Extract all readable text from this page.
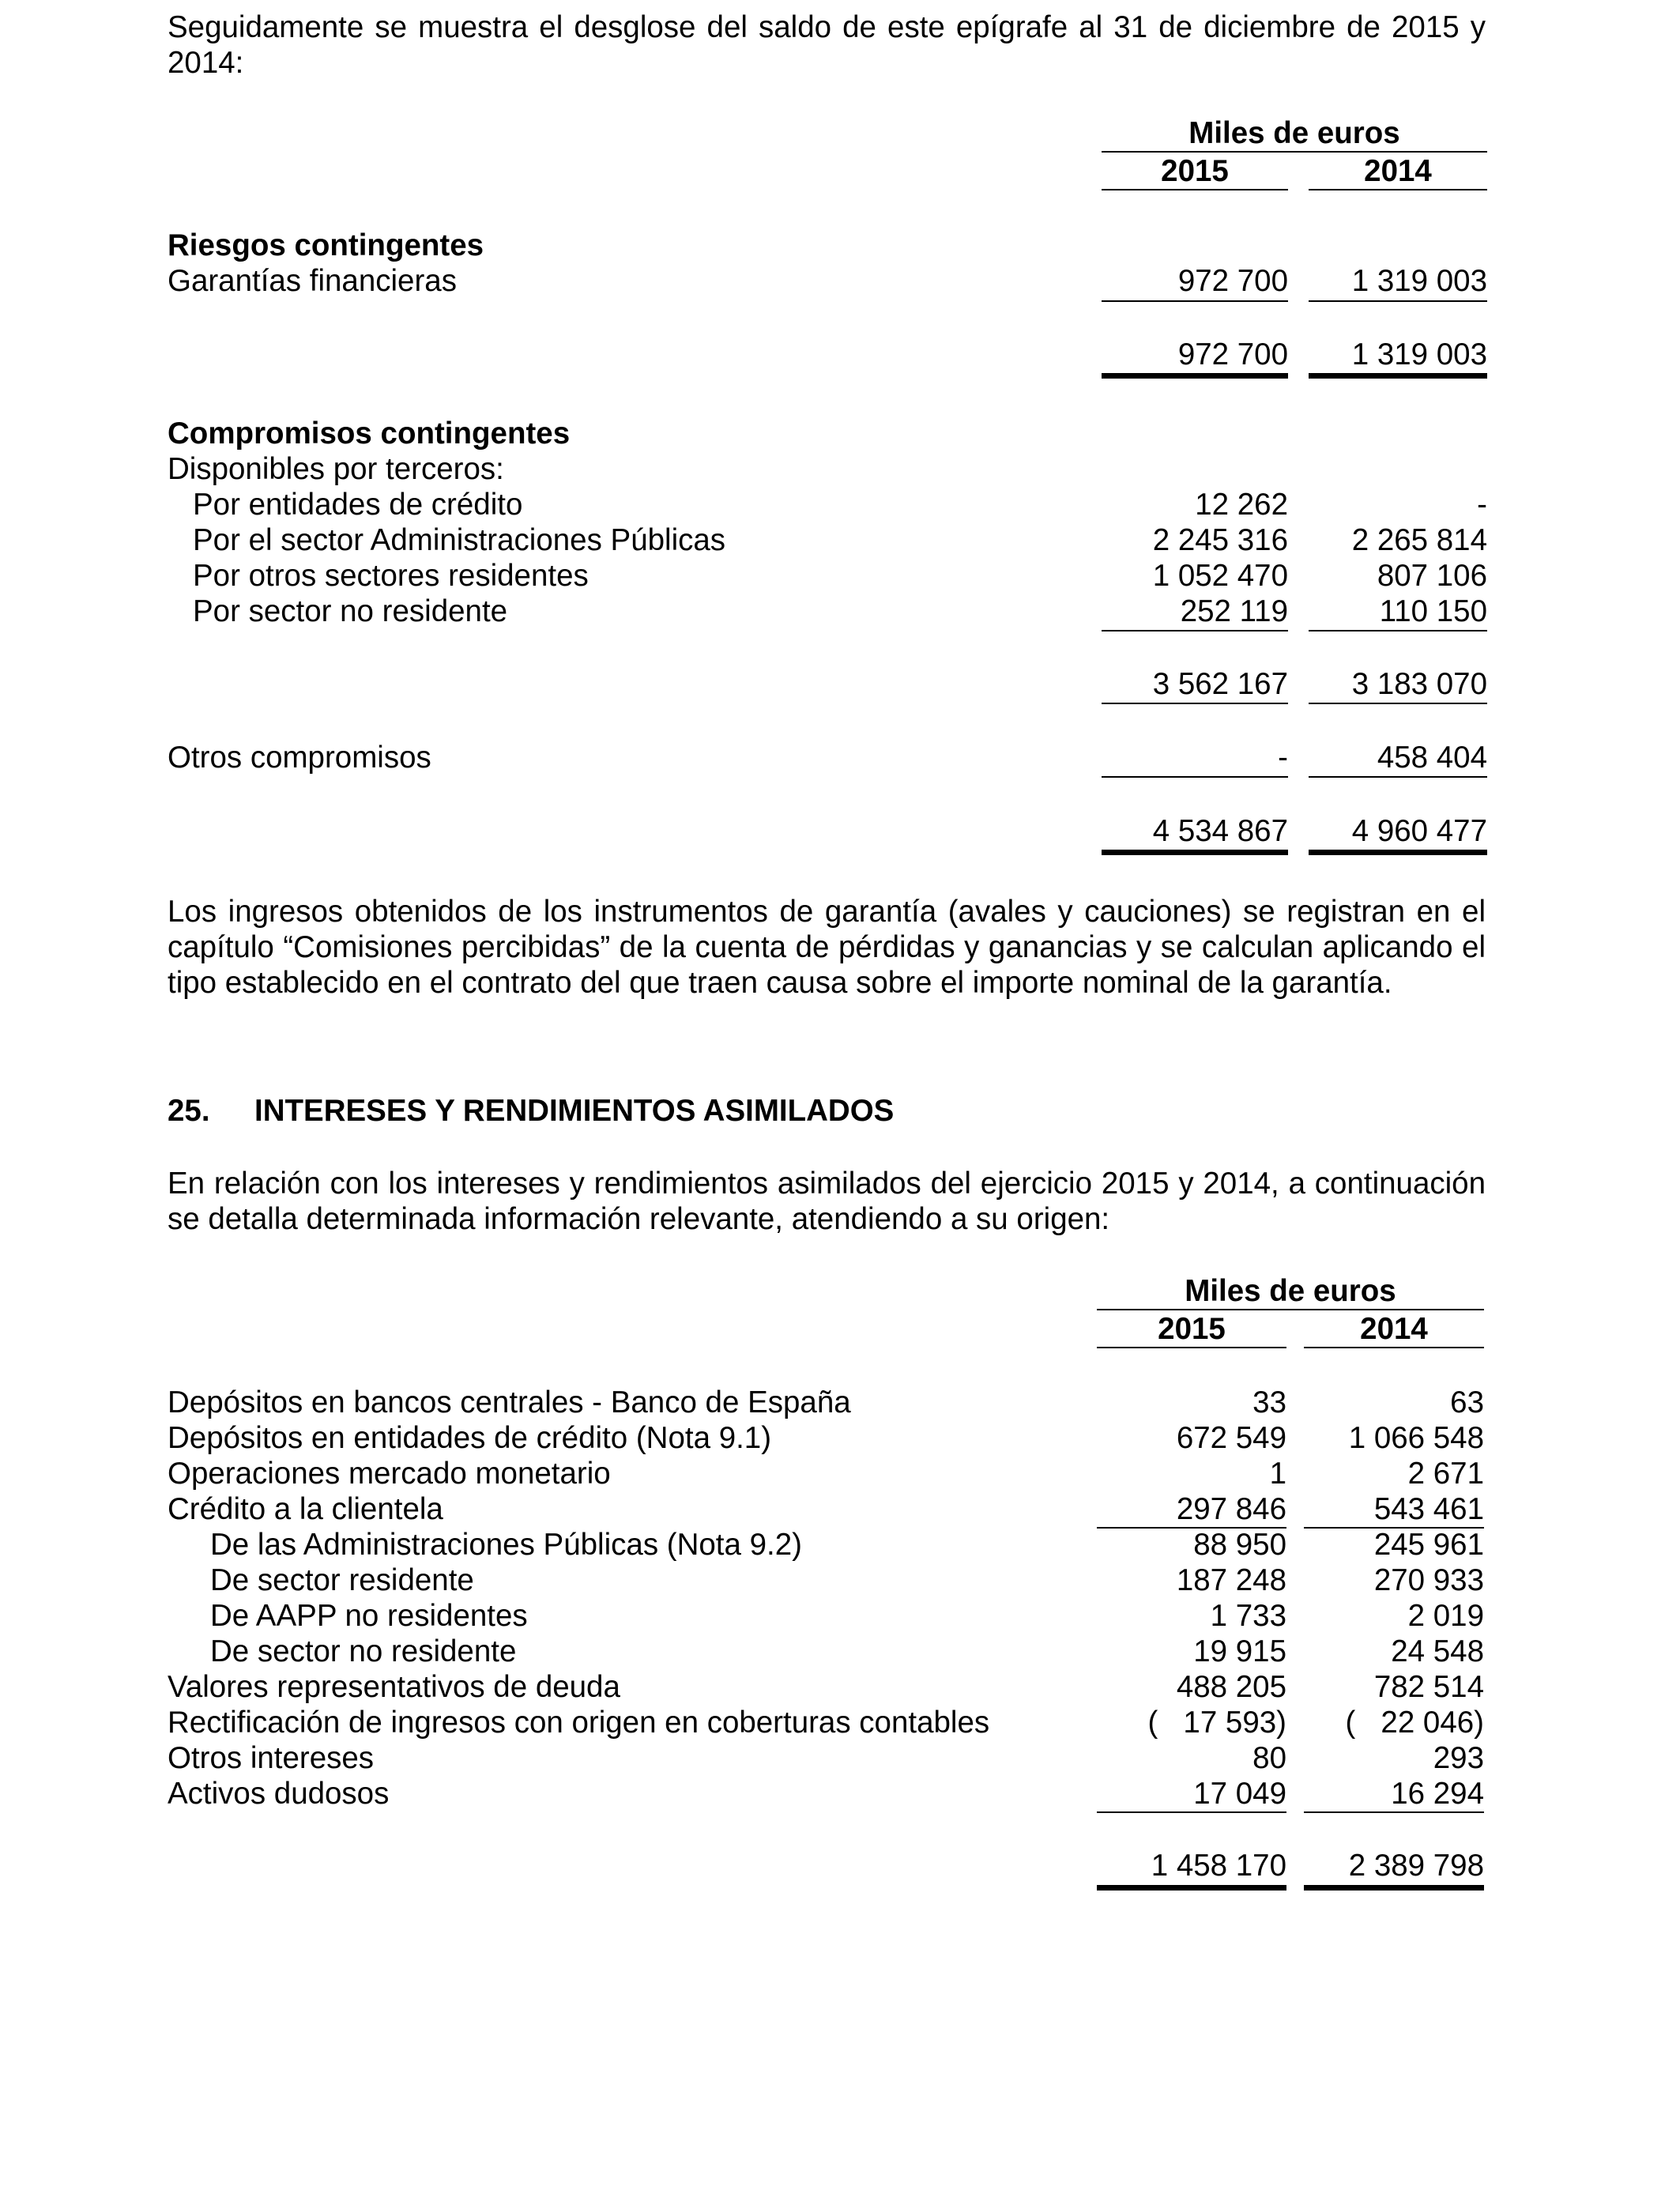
Seguidamente se muestra el desglose del saldo de este epígrafe al 31 de diciembre de 2015 y 2014:

Miles de euros
2015	2014
Riesgos contingentes
Garantías financieras	972 700	1 319 003
972 700	1 319 003
Compromisos contingentes
Disponibles por terceros:
Por entidades de crédito	12 262	-
Por el sector Administraciones Públicas	2 245 316	2 265 814
Por otros sectores residentes	1 052 470	807 106
Por sector no residente	252 119	110 150
3 562 167	3 183 070
Otros compromisos	-	458 404
4 534 867	4 960 477

Los ingresos obtenidos de los instrumentos de garantía (avales y cauciones) se registran en el capítulo “Comisiones percibidas” de la cuenta de pérdidas y ganancias y se calculan aplicando el tipo establecido en el contrato del que traen causa sobre el importe nominal de la garantía.

25. INTERESES Y RENDIMIENTOS ASIMILADOS

En relación con los intereses y rendimientos asimilados del ejercicio 2015 y 2014, a continuación se detalla determinada información relevante, atendiendo a su origen:

Miles de euros
2015	2014
Depósitos en bancos centrales - Banco de España	33	63
Depósitos en entidades de crédito (Nota 9.1)	672 549	1 066 548
Operaciones mercado monetario	1	2 671
Crédito a la clientela	297 846	543 461
De las Administraciones Públicas (Nota 9.2)	88 950	245 961
De sector residente	187 248	270 933
De AAPP no residentes	1 733	2 019
De sector no residente	19 915	24 548
Valores representativos de deuda	488 205	782 514
Rectificación de ingresos con origen en coberturas contables	(   17 593)	(   22 046)
Otros intereses	80	293
Activos dudosos	17 049	16 294
1 458 170	2 389 798
